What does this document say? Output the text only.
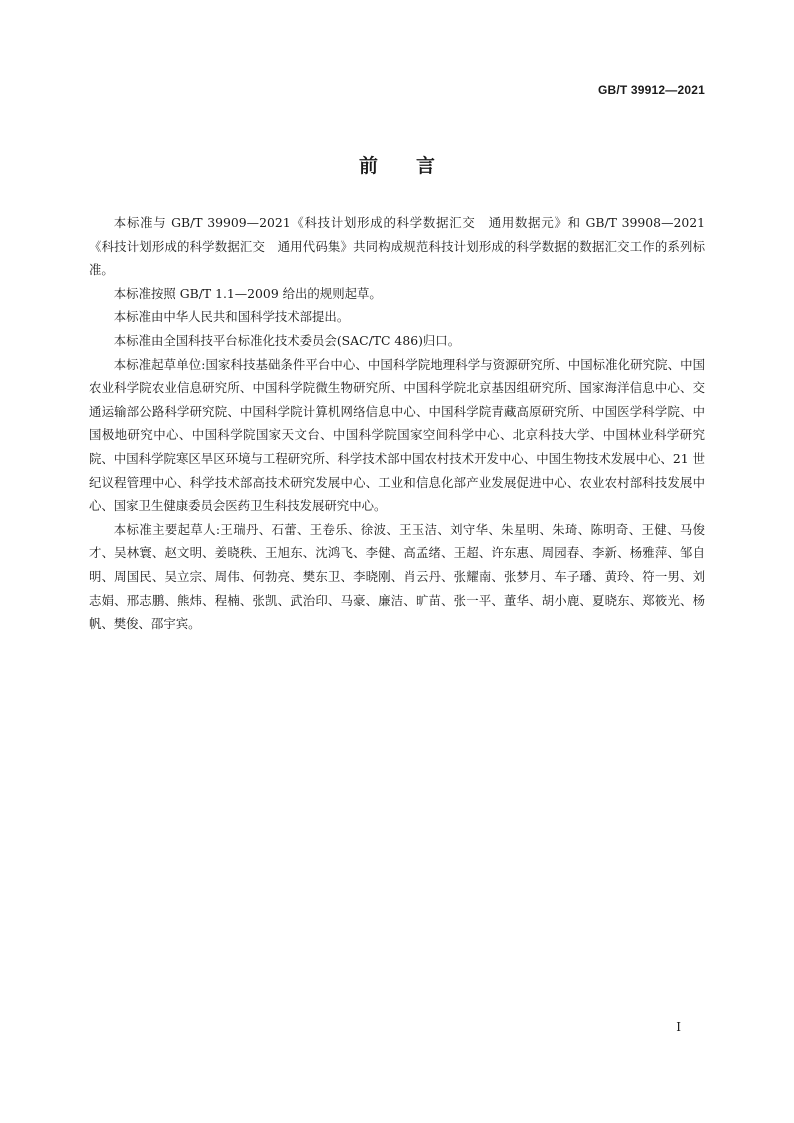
GB/T 39912—2021
前言

本标准与 GB/T 39909—2021《科技计划形成的科学数据汇交　通用数据元》和 GB/T 39908—2021《科技计划形成的科学数据汇交　通用代码集》共同构成规范科技计划形成的科学数据的数据汇交工作的系列标准。

本标准按照 GB/T 1.1—2009 给出的规则起草。

本标准由中华人民共和国科学技术部提出。

本标准由全国科技平台标准化技术委员会(SAC/TC 486)归口。

本标准起草单位:国家科技基础条件平台中心、中国科学院地理科学与资源研究所、中国标准化研究院、中国农业科学院农业信息研究所、中国科学院微生物研究所、中国科学院北京基因组研究所、国家海洋信息中心、交通运输部公路科学研究院、中国科学院计算机网络信息中心、中国科学院青藏高原研究所、中国医学科学院、中国极地研究中心、中国科学院国家天文台、中国科学院国家空间科学中心、北京科技大学、中国林业科学研究院、中国科学院寒区旱区环境与工程研究所、科学技术部中国农村技术开发中心、中国生物技术发展中心、21 世纪议程管理中心、科学技术部高技术研究发展中心、工业和信息化部产业发展促进中心、农业农村部科技发展中心、国家卫生健康委员会医药卫生科技发展研究中心。

本标准主要起草人:王瑞丹、石蕾、王卷乐、徐波、王玉洁、刘守华、朱星明、朱琦、陈明奇、王健、马俊才、吴林寰、赵文明、姜晓秩、王旭东、沈鸿飞、李健、高孟绪、王超、许东惠、周园春、李新、杨雅萍、邹自明、周国民、吴立宗、周伟、何勃亮、樊东卫、李晓刚、肖云丹、张耀南、张梦月、车子璠、黄玲、符一男、刘志娟、邢志鹏、熊炜、程楠、张凯、武治印、马豪、廉洁、旷苗、张一平、董华、胡小鹿、夏晓东、郑筱光、杨帆、樊俊、邵宇宾。

I
